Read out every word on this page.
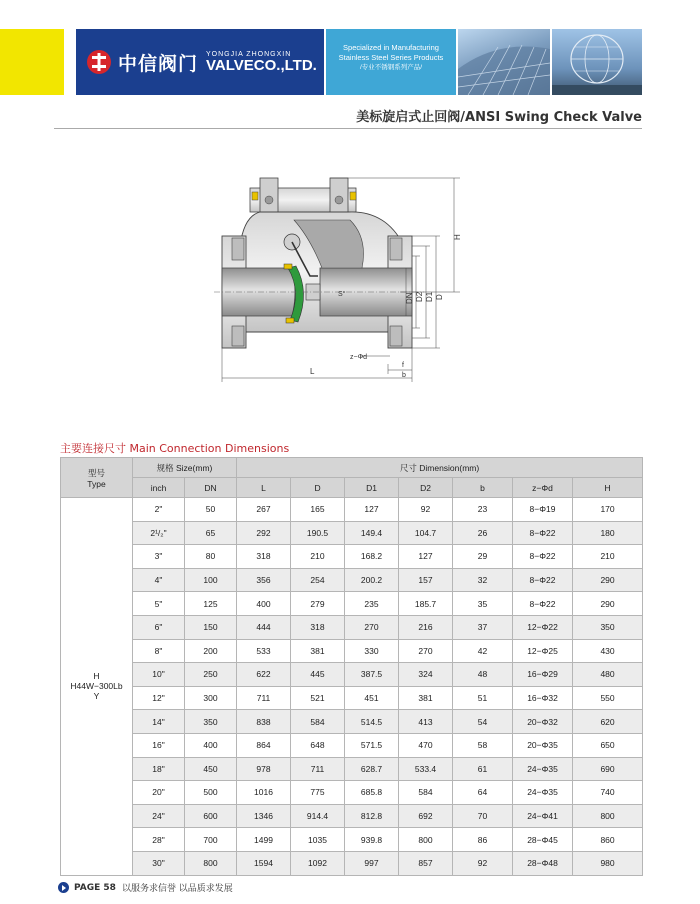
中信阀门 YONGJIA ZHONGXIN
VALVECO.,LTD.
Specialized in Manufacturing
Stainless Steel Series Products
/专业不锈钢系列产品/
美标旋启式止回阀/ANSI Swing Check Valve
H
D
D1
D2
DN
S°
z−Φd
f
b
L
主要连接尺寸 Main Connection Dimensions
型号
Type	规格 Size(mm)		尺寸 Dimension(mm)						
	inch	DN	L	D	D1	D2	b	z−Φd	H

H
H44W−300Lb
Y	2"	50	267	165	127	92	23	8−Φ19	170
	2¹/₂"	65	292	190.5	149.4	104.7	26	8−Φ22	180
	3"	80	318	210	168.2	127	29	8−Φ22	210
	4"	100	356	254	200.2	157	32	8−Φ22	290
	5"	125	400	279	235	185.7	35	8−Φ22	290
	6"	150	444	318	270	216	37	12−Φ22	350
	8"	200	533	381	330	270	42	12−Φ25	430
	10"	250	622	445	387.5	324	48	16−Φ29	480
	12"	300	711	521	451	381	51	16−Φ32	550
	14"	350	838	584	514.5	413	54	20−Φ32	620
	16"	400	864	648	571.5	470	58	20−Φ35	650
	18"	450	978	711	628.7	533.4	61	24−Φ35	690
	20"	500	1016	775	685.8	584	64	24−Φ35	740
	24"	600	1346	914.4	812.8	692	70	24−Φ41	800
	28"	700	1499	1035	939.8	800	86	28−Φ45	860
	30"	800	1594	1092	997	857	92	28−Φ48	980
PAGE 58 以服务求信誉 以品质求发展
